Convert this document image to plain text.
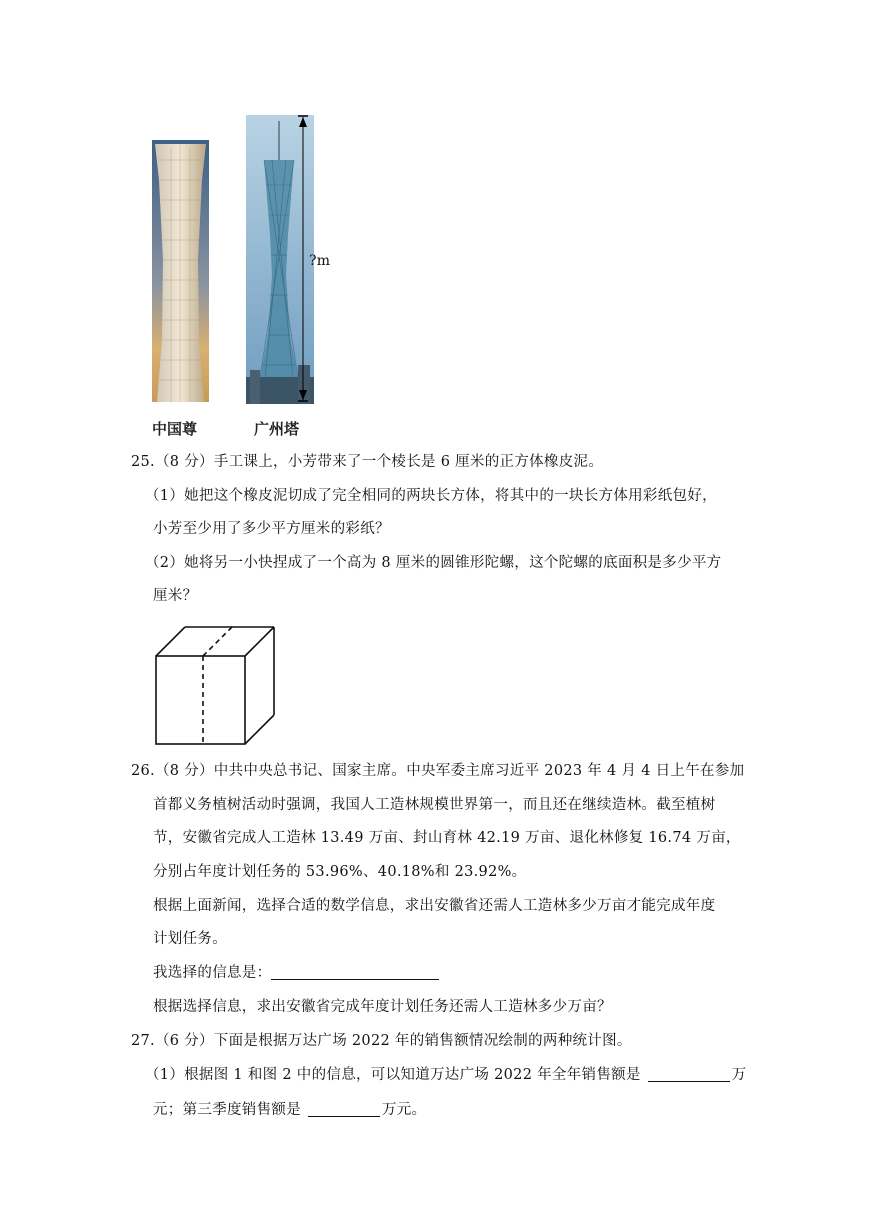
?m
中国尊	广州塔
25.（8 分）手工课上，小芳带来了一个棱长是 6 厘米的正方体橡皮泥。
（1）她把这个橡皮泥切成了完全相同的两块长方体，将其中的一块长方体用彩纸包好，
小芳至少用了多少平方厘米的彩纸？
（2）她将另一小快捏成了一个高为 8 厘米的圆锥形陀螺，这个陀螺的底面积是多少平方
厘米？
26.（8 分）中共中央总书记、国家主席。中央军委主席习近平 2023 年 4 月 4 日上午在参加
首都义务植树活动时强调，我国人工造林规模世界第一，而且还在继续造林。截至植树
节，安徽省完成人工造林 13.49 万亩、封山育林 42.19 万亩、退化林修复 16.74 万亩，
分别占年度计划任务的 53.96%、40.18%和 23.92%。
根据上面新闻，选择合适的数学信息，求出安徽省还需人工造林多少万亩才能完成年度
计划任务。
我选择的信息是：
根据选择信息，求出安徽省完成年度计划任务还需人工造林多少万亩？
27.（6 分）下面是根据万达广场 2022 年的销售额情况绘制的两种统计图。
（1）根据图 1 和图 2 中的信息，可以知道万达广场 2022 年全年销售额是	万
元；第三季度销售额是	万元。
